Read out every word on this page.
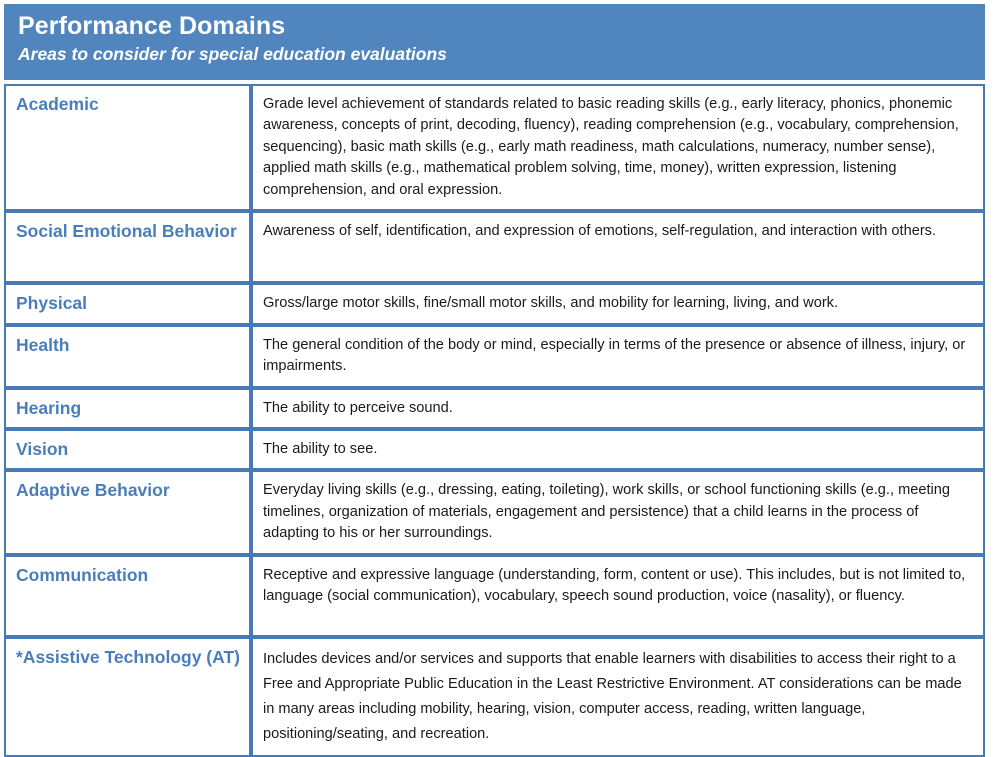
Performance Domains
Areas to consider for special education evaluations
Academic	Grade level achievement of standards related to basic reading skills (e.g., early literacy, phonics, phonemic awareness, concepts of print, decoding, fluency), reading comprehension (e.g., vocabulary, comprehension, sequencing), basic math skills (e.g., early math readiness, math calculations, numeracy, number sense), applied math skills (e.g., mathematical problem solving, time, money), written expression, listening comprehension, and oral expression.

Social Emotional Behavior	Awareness of self, identification, and expression of emotions, self-regulation, and interaction with others.

Physical	Gross/large motor skills, fine/small motor skills, and mobility for learning, living, and work.

Health	The general condition of the body or mind, especially in terms of the presence or absence of illness, injury, or impairments.

Hearing	The ability to perceive sound.

Vision	The ability to see.

Adaptive Behavior	Everyday living skills (e.g., dressing, eating, toileting), work skills, or school functioning skills (e.g., meeting timelines, organization of materials, engagement and persistence) that a child learns in the process of adapting to his or her surroundings.

Communication	Receptive and expressive language (understanding, form, content or use). This includes, but is not limited to, language (social communication), vocabulary, speech sound production, voice (nasality), or fluency.

*Assistive Technology (AT)	Includes devices and/or services and supports that enable learners with disabilities to access their right to a Free and Appropriate Public Education in the Least Restrictive Environment. AT considerations can be made in many areas including mobility, hearing, vision, computer access, reading, written language, positioning/seating, and recreation.
